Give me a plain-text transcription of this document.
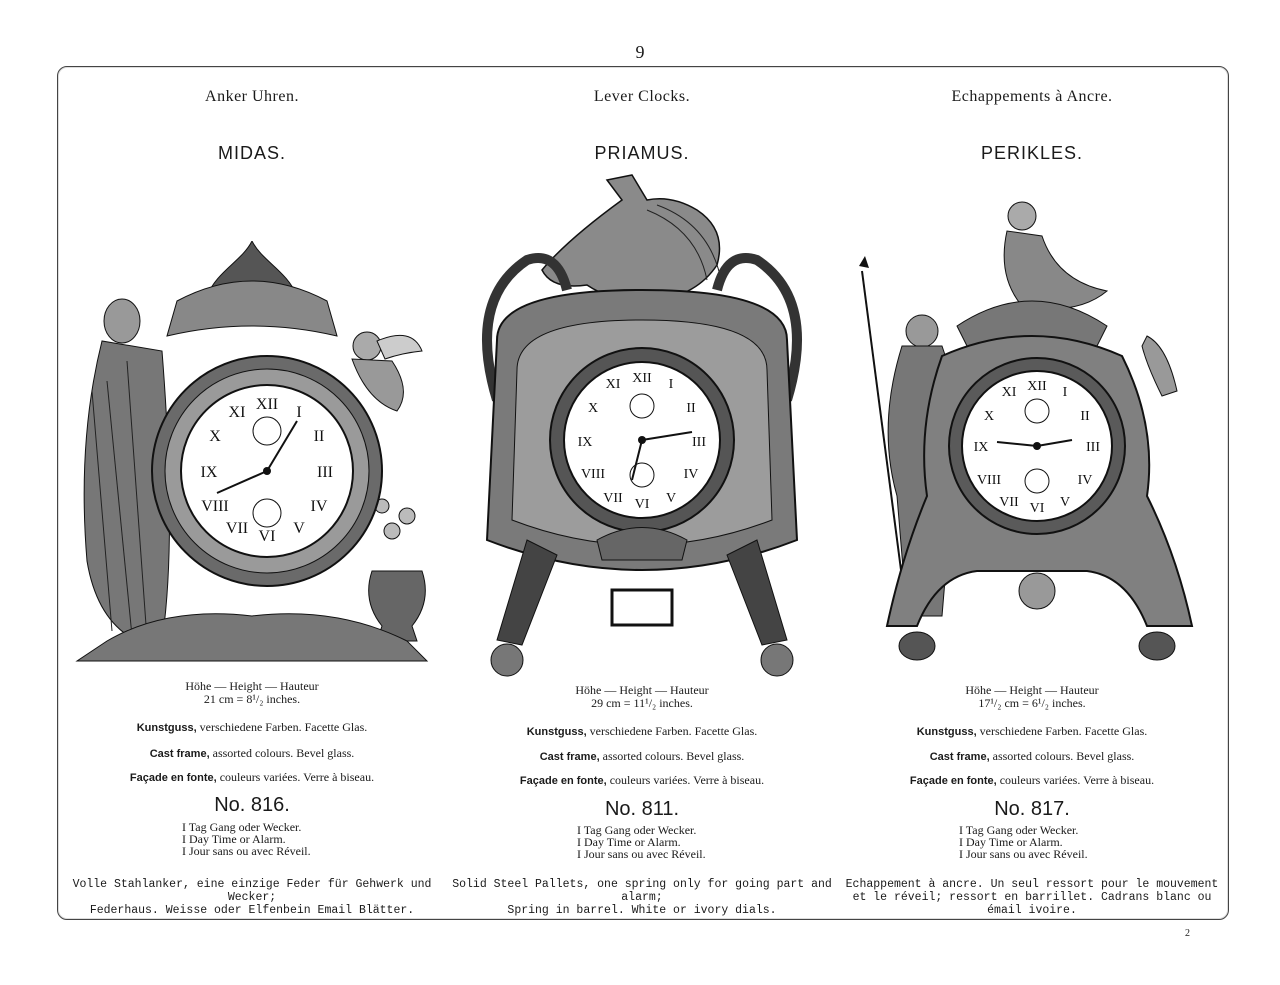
9
Anker Uhren.
MIDAS.
XII
III
VI
IX
I
II
IV
V
VII
VIII
X
XI
Höhe — Height — Hauteur
21 cm = 8¹/₂ inches.
Kunstguss, verschiedene Farben. Facette Glas.
Cast frame, assorted colours. Bevel glass.
Façade en fonte, couleurs variées. Verre à biseau.
No. 816.
I Tag Gang oder Wecker.
I Day Time or Alarm.
I Jour sans ou avec Réveil.
Volle Stahlanker, eine einzige Feder für Gehwerk und Wecker;
Federhaus. Weisse oder Elfenbein Email Blätter.
Lever Clocks.
PRIAMUS.
XII
III
VI
IX
I
II
IV
V
VII
VIII
X
XI
Höhe — Height — Hauteur
29 cm = 11¹/₂ inches.
Kunstguss, verschiedene Farben. Facette Glas.
Cast frame, assorted colours. Bevel glass.
Façade en fonte, couleurs variées. Verre à biseau.
No. 811.
I Tag Gang oder Wecker.
I Day Time or Alarm.
I Jour sans ou avec Réveil.
Solid Steel Pallets, one spring only for going part and alarm;
Spring in barrel. White or ivory dials.
Echappements à Ancre.
PERIKLES.
XII
III
VI
IX
I
II
IV
V
VII
VIII
X
XI
Höhe — Height — Hauteur
17¹/₂ cm = 6¹/₂ inches.
Kunstguss, verschiedene Farben. Facette Glas.
Cast frame, assorted colours. Bevel glass.
Façade en fonte, couleurs variées. Verre à biseau.
No. 817.
I Tag Gang oder Wecker.
I Day Time or Alarm.
I Jour sans ou avec Réveil.
Echappement à ancre. Un seul ressort pour le mouvement
et le réveil; ressort en barrillet. Cadrans blanc ou émail ivoire.
2
